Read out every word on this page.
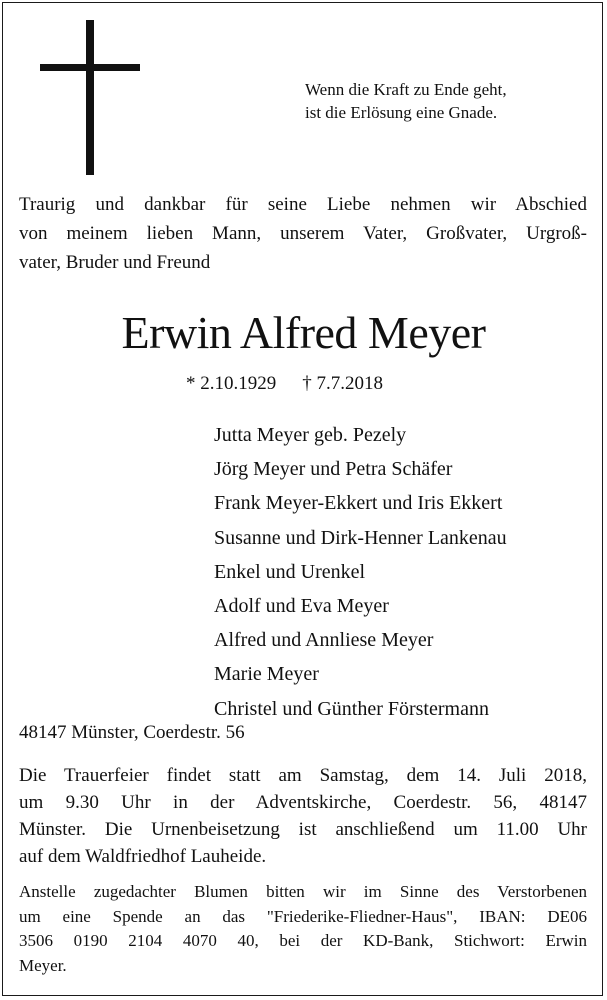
Wenn die Kraft zu Ende geht,
ist die Erlösung eine Gnade.
Traurig und dankbar für seine Liebe nehmen wir Abschied
von meinem lieben Mann, unserem Vater, Großvater, Urgroß-
vater, Bruder und Freund
Erwin Alfred Meyer
* 2.10.1929 † 7.7.2018
Jutta Meyer geb. Pezely
Jörg Meyer und Petra Schäfer
Frank Meyer-Ekkert und Iris Ekkert
Susanne und Dirk-Henner Lankenau
Enkel und Urenkel
Adolf und Eva Meyer
Alfred und Annliese Meyer
Marie Meyer
Christel und Günther Förstermann
48147 Münster, Coerdestr. 56
Die Trauerfeier findet statt am Samstag, dem 14. Juli 2018,
um 9.30 Uhr in der Adventskirche, Coerdestr. 56, 48147
Münster. Die Urnenbeisetzung ist anschließend um 11.00 Uhr
auf dem Waldfriedhof Lauheide.
Anstelle zugedachter Blumen bitten wir im Sinne des Verstorbenen
um eine Spende an das "Friederike-Fliedner-Haus", IBAN: DE06
3506 0190 2104 4070 40, bei der KD-Bank, Stichwort: Erwin
Meyer.
